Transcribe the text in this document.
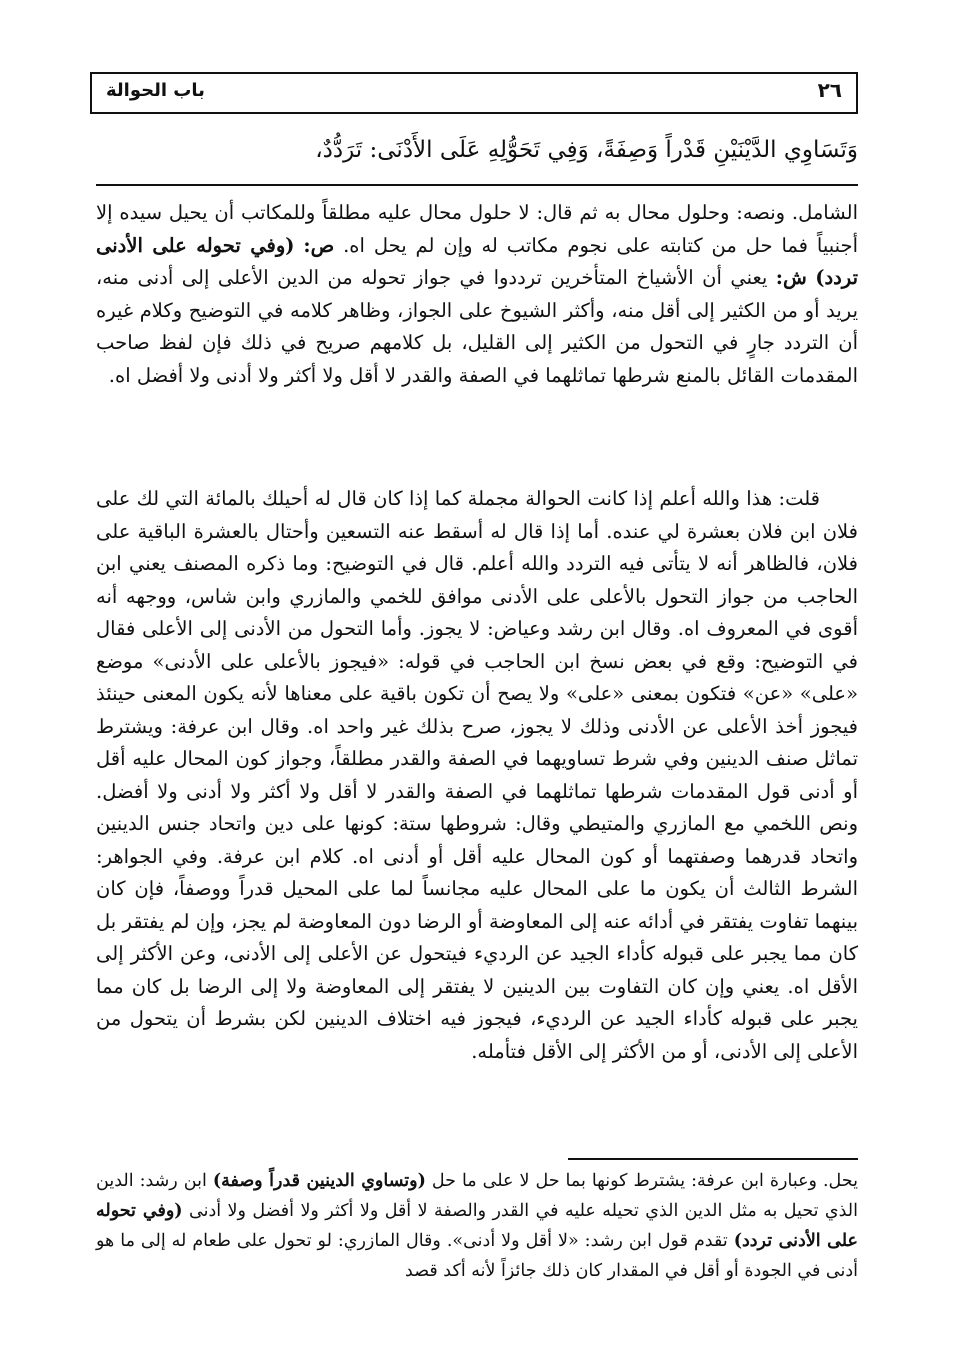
باب الحوالة	٢٦
وَتَسَاوِي الدَّيْنَيْنِ قَدْراً وَصِفَةً، وَفِي تَحَوُّلِهِ عَلَى الأَدْنَى: تَرَدُّدٌ،

الشامل. ونصه: وحلول محال به ثم قال: لا حلول محال عليه مطلقاً وللمكاتب أن يحيل سيده إلا أجنبياً فما حل من كتابته على نجوم مكاتب له وإن لم يحل اه. ص: (وفي تحوله على الأدنى تردد) ش: يعني أن الأشياخ المتأخرين ترددوا في جواز تحوله من الدين الأعلى إلى أدنى منه، يريد أو من الكثير إلى أقل منه، وأكثر الشيوخ على الجواز، وظاهر كلامه في التوضيح وكلام غيره أن التردد جارٍ في التحول من الكثير إلى القليل، بل كلامهم صريح في ذلك فإن لفظ صاحب المقدمات القائل بالمنع شرطها تماثلهما في الصفة والقدر لا أقل ولا أكثر ولا أدنى ولا أفضل اه.

قلت: هذا والله أعلم إذا كانت الحوالة مجملة كما إذا كان قال له أحيلك بالمائة التي لك على فلان ابن فلان بعشرة لي عنده. أما إذا قال له أسقط عنه التسعين وأحتال بالعشرة الباقية على فلان، فالظاهر أنه لا يتأتى فيه التردد والله أعلم. قال في التوضيح: وما ذكره المصنف يعني ابن الحاجب من جواز التحول بالأعلى على الأدنى موافق للخمي والمازري وابن شاس، ووجهه أنه أقوى في المعروف اه. وقال ابن رشد وعياض: لا يجوز. وأما التحول من الأدنى إلى الأعلى فقال في التوضيح: وقع في بعض نسخ ابن الحاجب في قوله: «فيجوز بالأعلى على الأدنى» موضع «على» «عن» فتكون بمعنى «على» ولا يصح أن تكون باقية على معناها لأنه يكون المعنى حينئذ فيجوز أخذ الأعلى عن الأدنى وذلك لا يجوز، صرح بذلك غير واحد اه. وقال ابن عرفة: ويشترط تماثل صنف الدينين وفي شرط تساويهما في الصفة والقدر مطلقاً، وجواز كون المحال عليه أقل أو أدنى قول المقدمات شرطها تماثلهما في الصفة والقدر لا أقل ولا أكثر ولا أدنى ولا أفضل. ونص اللخمي مع المازري والمتيطي وقال: شروطها ستة: كونها على دين واتحاد جنس الدينين واتحاد قدرهما وصفتهما أو كون المحال عليه أقل أو أدنى اه. كلام ابن عرفة. وفي الجواهر: الشرط الثالث أن يكون ما على المحال عليه مجانساً لما على المحيل قدراً ووصفاً، فإن كان بينهما تفاوت يفتقر في أدائه عنه إلى المعاوضة أو الرضا دون المعاوضة لم يجز، وإن لم يفتقر بل كان مما يجبر على قبوله كأداء الجيد عن الرديء فيتحول عن الأعلى إلى الأدنى، وعن الأكثر إلى الأقل اه. يعني وإن كان التفاوت بين الدينين لا يفتقر إلى المعاوضة ولا إلى الرضا بل كان مما يجبر على قبوله كأداء الجيد عن الرديء، فيجوز فيه اختلاف الدينين لكن بشرط أن يتحول من الأعلى إلى الأدنى، أو من الأكثر إلى الأقل فتأمله.

يحل. وعبارة ابن عرفة: يشترط كونها بما حل لا على ما حل (وتساوي الدينين قدراً وصفة) ابن رشد: الدين الذي تحيل به مثل الدين الذي تحيله عليه في القدر والصفة لا أقل ولا أكثر ولا أفضل ولا أدنى (وفي تحوله على الأدنى تردد) تقدم قول ابن رشد: «لا أقل ولا أدنى». وقال المازري: لو تحول على طعام له إلى ما هو أدنى في الجودة أو أقل في المقدار كان ذلك جائزاً لأنه أكد قصد
